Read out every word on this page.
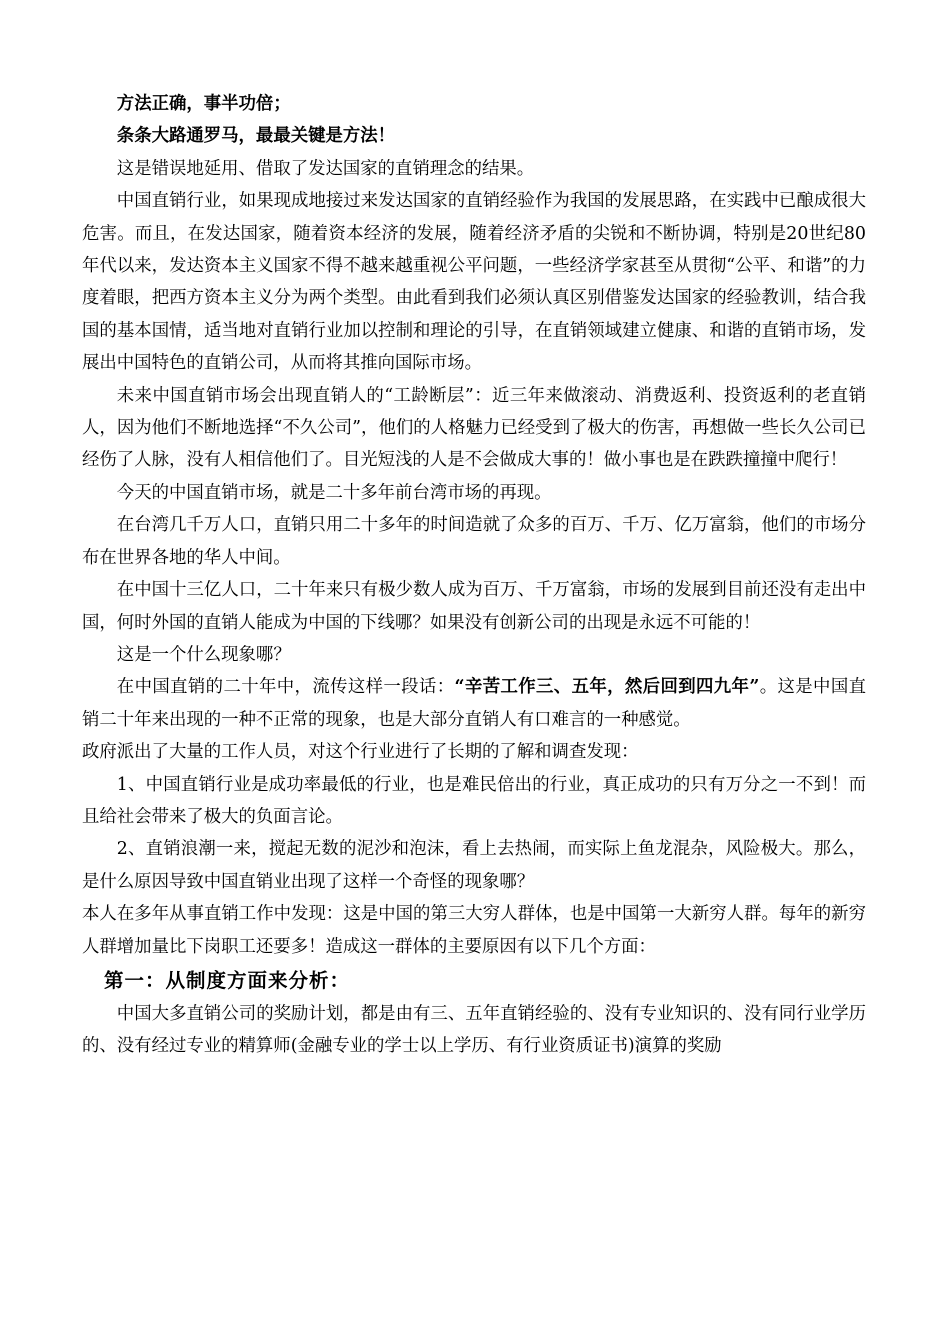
方法正确，事半功倍；

条条大路通罗马，最最关键是方法！

这是错误地延用、借取了发达国家的直销理念的结果。

中国直销行业，如果现成地接过来发达国家的直销经验作为我国的发展思路，在实践中已酿成很大危害。而且，在发达国家，随着资本经济的发展，随着经济矛盾的尖锐和不断协调，特别是20世纪80年代以来，发达资本主义国家不得不越来越重视公平问题，一些经济学家甚至从贯彻“公平、和谐”的力度着眼，把西方资本主义分为两个类型。由此看到我们必须认真区别借鉴发达国家的经验教训，结合我国的基本国情，适当地对直销行业加以控制和理论的引导，在直销领域建立健康、和谐的直销市场，发展出中国特色的直销公司，从而将其推向国际市场。

未来中国直销市场会出现直销人的“工龄断层”：近三年来做滚动、消费返利、投资返利的老直销人，因为他们不断地选择“不久公司”，他们的人格魅力已经受到了极大的伤害，再想做一些长久公司已经伤了人脉，没有人相信他们了。目光短浅的人是不会做成大事的！做小事也是在跌跌撞撞中爬行！

今天的中国直销市场，就是二十多年前台湾市场的再现。

在台湾几千万人口，直销只用二十多年的时间造就了众多的百万、千万、亿万富翁，他们的市场分布在世界各地的华人中间。

在中国十三亿人口，二十年来只有极少数人成为百万、千万富翁，市场的发展到目前还没有走出中国，何时外国的直销人能成为中国的下线哪？如果没有创新公司的出现是永远不可能的！

这是一个什么现象哪？

在中国直销的二十年中，流传这样一段话：“辛苦工作三、五年，然后回到四九年”。这是中国直销二十年来出现的一种不正常的现象，也是大部分直销人有口难言的一种感觉。

政府派出了大量的工作人员，对这个行业进行了长期的了解和调查发现：

1、中国直销行业是成功率最低的行业，也是难民倍出的行业，真正成功的只有万分之一不到！而且给社会带来了极大的负面言论。

2、直销浪潮一来，搅起无数的泥沙和泡沫，看上去热闹，而实际上鱼龙混杂，风险极大。那么，是什么原因导致中国直销业出现了这样一个奇怪的现象哪？

本人在多年从事直销工作中发现：这是中国的第三大穷人群体，也是中国第一大新穷人群。每年的新穷人群增加量比下岗职工还要多！造成这一群体的主要原因有以下几个方面：

第一：从制度方面来分析：

中国大多直销公司的奖励计划，都是由有三、五年直销经验的、没有专业知识的、没有同行业学历的、没有经过专业的精算师(金融专业的学士以上学历、有行业资质证书)演算的奖励
